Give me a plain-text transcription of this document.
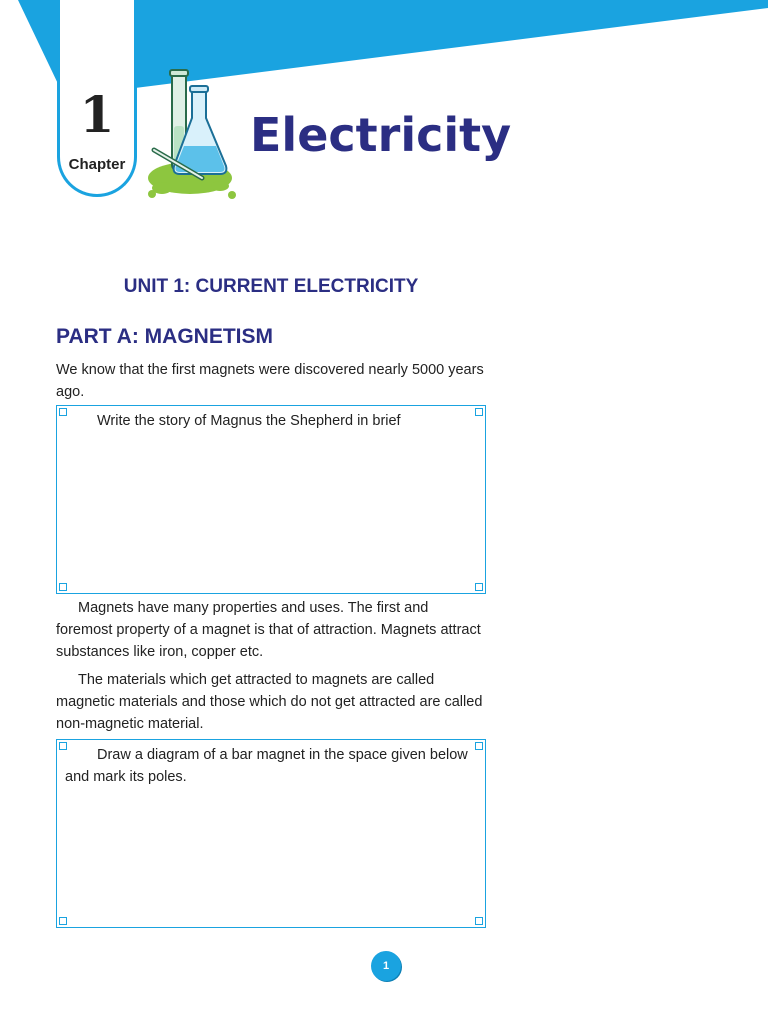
1
Chapter
Electricity
UNIT 1: CURRENT ELECTRICITY
PART A: MAGNETISM

We know that the first magnets were discovered nearly 5000 years ago.

Write the story of Magnus the Shepherd in brief

Magnets have many properties and uses. The first and foremost property of a magnet is that of attraction. Magnets attract substances like iron, copper etc.

The materials which get attracted to magnets are called magnetic materials and those which do not get attracted are called non-magnetic material.

Draw a diagram of a bar magnet in the space given below and mark its poles.

1
